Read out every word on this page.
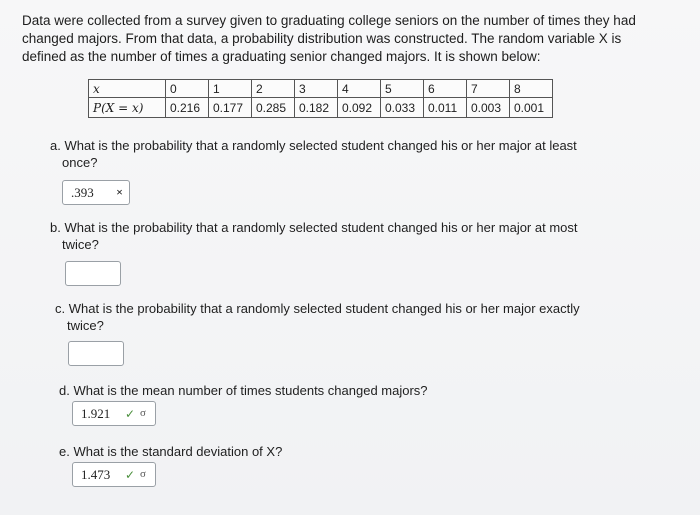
Data were collected from a survey given to graduating college seniors on the number of times they had changed majors. From that data, a probability distribution was constructed. The random variable X is defined as the number of times a graduating senior changed majors. It is shown below:
x	0	1	2	3	4	5	6	7	8
P(X = x)	0.216	0.177	0.285	0.182	0.092	0.033	0.011	0.003	0.001
a. What is the probability that a randomly selected student changed his or her major at least
once?
.393 ×
b. What is the probability that a randomly selected student changed his or her major at most
twice?
c. What is the probability that a randomly selected student changed his or her major exactly
twice?
d. What is the mean number of times students changed majors?
1.921 ✓ σ
e. What is the standard deviation of X?
1.473 ✓ σ
